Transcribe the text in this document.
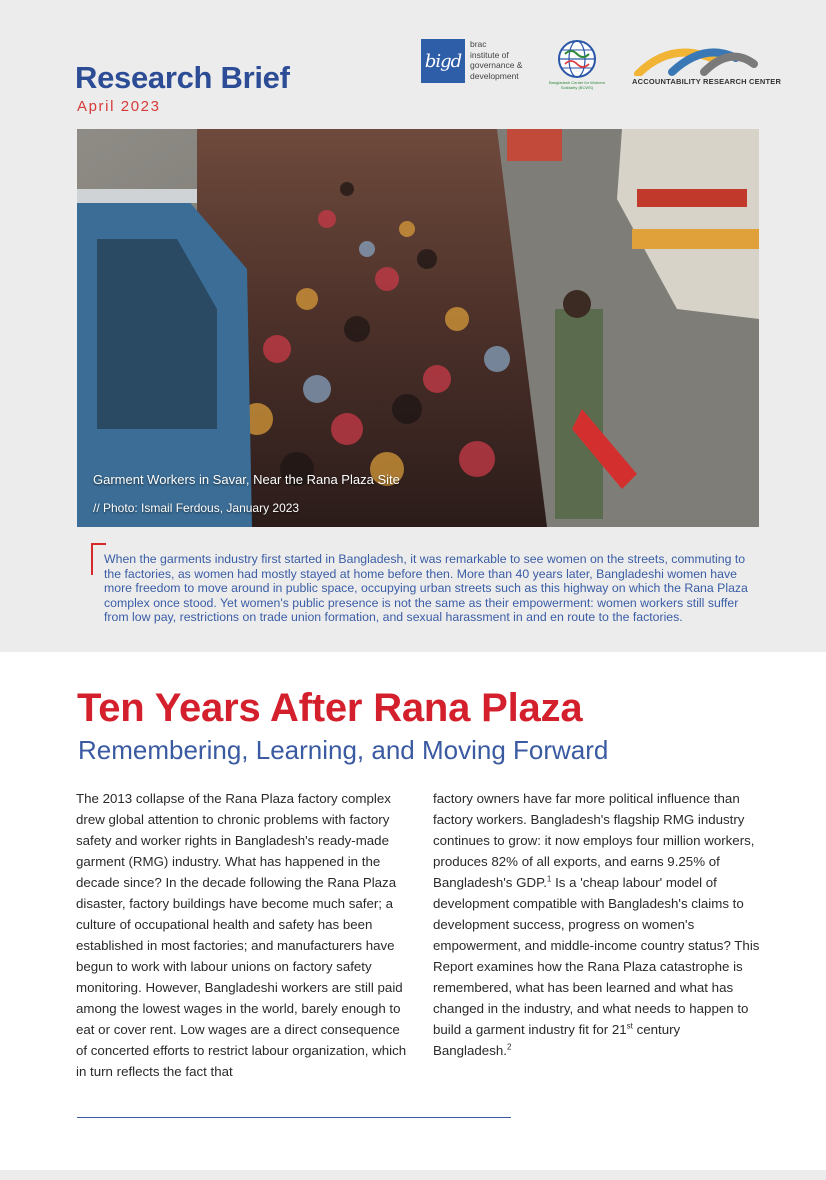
Research Brief
April 2023
bigd
brac
institute of
governance &
development
Bangladesh Center for Workers Solidarity (BCWS)
ACCOUNTABILITY RESEARCH CENTER
Garment Workers in Savar, Near the Rana Plaza Site
// Photo: Ismail Ferdous, January 2023

When the garments industry first started in Bangladesh, it was remarkable to see women on the streets, commuting to the factories, as women had mostly stayed at home before then. More than 40 years later, Bangladeshi women have more freedom to move around in public space, occupying urban streets such as this highway on which the Rana Plaza complex once stood. Yet women's public presence is not the same as their empowerment: women workers still suffer from low pay, restrictions on trade union formation, and sexual harassment in and en route to the factories.

Ten Years After Rana Plaza
Remembering, Learning, and Moving Forward

The 2013 collapse of the Rana Plaza factory complex drew global attention to chronic problems with factory safety and worker rights in Bangladesh's ready-made garment (RMG) industry. What has happened in the decade since? In the decade following the Rana Plaza disaster, factory buildings have become much safer; a culture of occupational health and safety has been established in most factories; and manufacturers have begun to work with labour unions on factory safety monitoring. However, Bangladeshi workers are still paid among the lowest wages in the world, barely enough to eat or cover rent. Low wages are a direct consequence of concerted efforts to restrict labour organization, which in turn reflects the fact that

factory owners have far more political influence than factory workers. Bangladesh's flagship RMG industry continues to grow: it now employs four million workers, produces 82% of all exports, and earns 9.25% of Bangladesh's GDP.$^1$ Is a 'cheap labour' model of development compatible with Bangladesh's claims to development success, progress on women's empowerment, and middle-income country status? This Report examines how the Rana Plaza catastrophe is remembered, what has been learned and what has changed in the industry, and what needs to happen to build a garment industry fit for 21st century Bangladesh.$^2$
